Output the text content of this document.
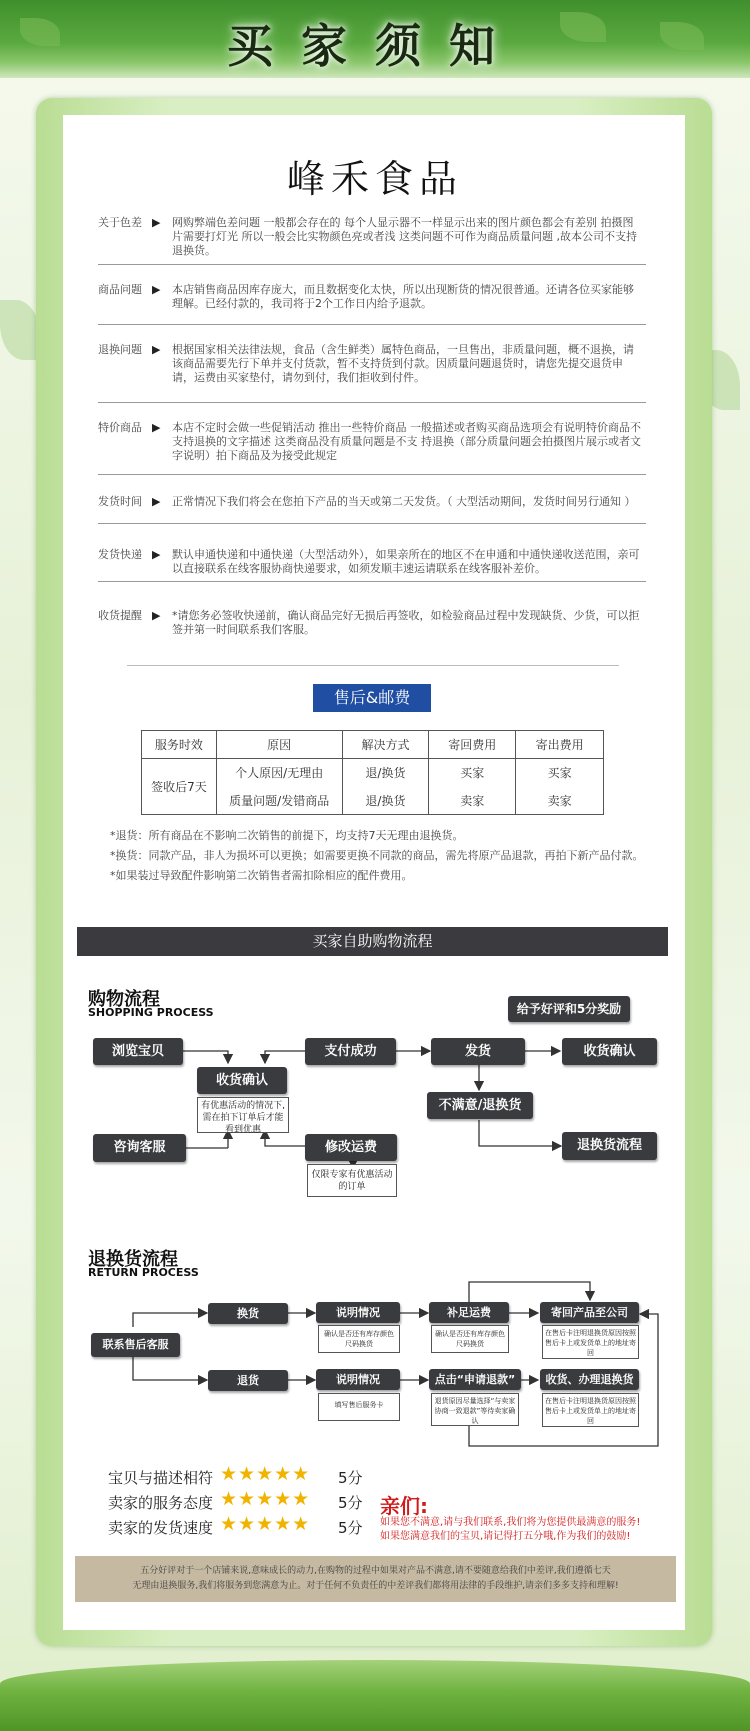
买家须知
峰禾食品
关于色差 ▶	网购弊端色差问题 一般都会存在的 每个人显示器不一样显示出来的图片颜色都会有差别 拍摄图片需要打灯光 所以一般会比实物颜色亮或者浅 这类问题不可作为商品质量问题 ,故本公司不支持退换货。
商品问题 ▶	本店销售商品因库存庞大，而且数据变化太快，所以出现断货的情况很普通。还请各位买家能够理解。已经付款的，我司将于2个工作日内给予退款。
退换问题 ▶	根据国家相关法律法规，食品（含生鲜类）属特色商品，一旦售出，非质量问题，概不退换，请该商品需要先行下单并支付货款，暂不支持货到付款。因质量问题退货时，请您先提交退货申请，运费由买家垫付，请勿到付，我们拒收到付件。
特价商品 ▶	本店不定时会做一些促销活动 推出一些特价商品 一般描述或者购买商品选项会有说明特价商品不支持退换的文字描述 这类商品没有质量问题是不支 持退换（部分质量问题会拍摄图片展示或者文字说明）拍下商品及为接受此规定
发货时间 ▶	正常情况下我们将会在您拍下产品的当天或第二天发货。（ 大型活动期间，发货时间另行通知 ）
发货快递 ▶	默认申通快递和中通快递（大型活动外），如果亲所在的地区不在申通和中通快递收送范围，亲可以直接联系在线客服协商快递要求，如须发顺丰速运请联系在线客服补差价。
收货提醒 ▶	*请您务必签收快递前，确认商品完好无损后再签收，如检验商品过程中发现缺货、少货，可以拒签并第一时间联系我们客服。
售后&邮费
服务时效	原因	解决方式	寄回费用	寄出费用
签收后7天	个人原因/无理由	退/换货	买家	买家
	质量问题/发错商品	退/换货	卖家	卖家
*退货：所有商品在不影响二次销售的前提下，均支持7天无理由退换货。
*换货：同款产品，非人为损坏可以更换；如需要更换不同款的商品，需先将原产品退款，再拍下新产品付款。
*如果装过导致配件影响第二次销售者需扣除相应的配件费用。
买家自助购物流程
购物流程
SHOPPING PROCESS	给予好评和5分奖励
浏览宝贝	支付成功	发货	收货确认
收货确认
有优惠活动的情况下,需在拍下订单后才能看到优惠
不满意/退换货
咨询客服	修改运费
仅限专家有优惠活动的订单
退换货流程
退换货流程
RETURN PROCESS
联系售后客服
换货
退货
说明情况
确认是否还有库存颜色尺码换货
补足运费
确认是否还有库存颜色尺码换货
寄回产品至公司
在售后卡注明退换货原因按照售后卡上或发货单上的地址寄回
说明情况
填写售后服务卡
点击“申请退款”
退货原因尽量选择“与卖家协商一致退款”等待卖家确认
收货、办理退换货
在售后卡注明退换货原因按照售后卡上或发货单上的地址寄回
宝贝与描述相符 ★★★★★ 5分
卖家的服务态度 ★★★★★ 5分
卖家的发货速度 ★★★★★ 5分
亲们:
如果您不满意,请与我们联系,我们将为您提供最满意的服务!
如果您满意我们的宝贝,请记得打五分哦,作为我们的鼓励!
五分好评对于一个店铺来说,意味成长的动力,在购物的过程中如果对产品不满意,请不要随意给我们中差评,我们遵循七天
无理由退换服务,我们将服务到您满意为止。对于任何不负责任的中差评我们都将用法律的手段维护,请亲们多多支持和理解!
